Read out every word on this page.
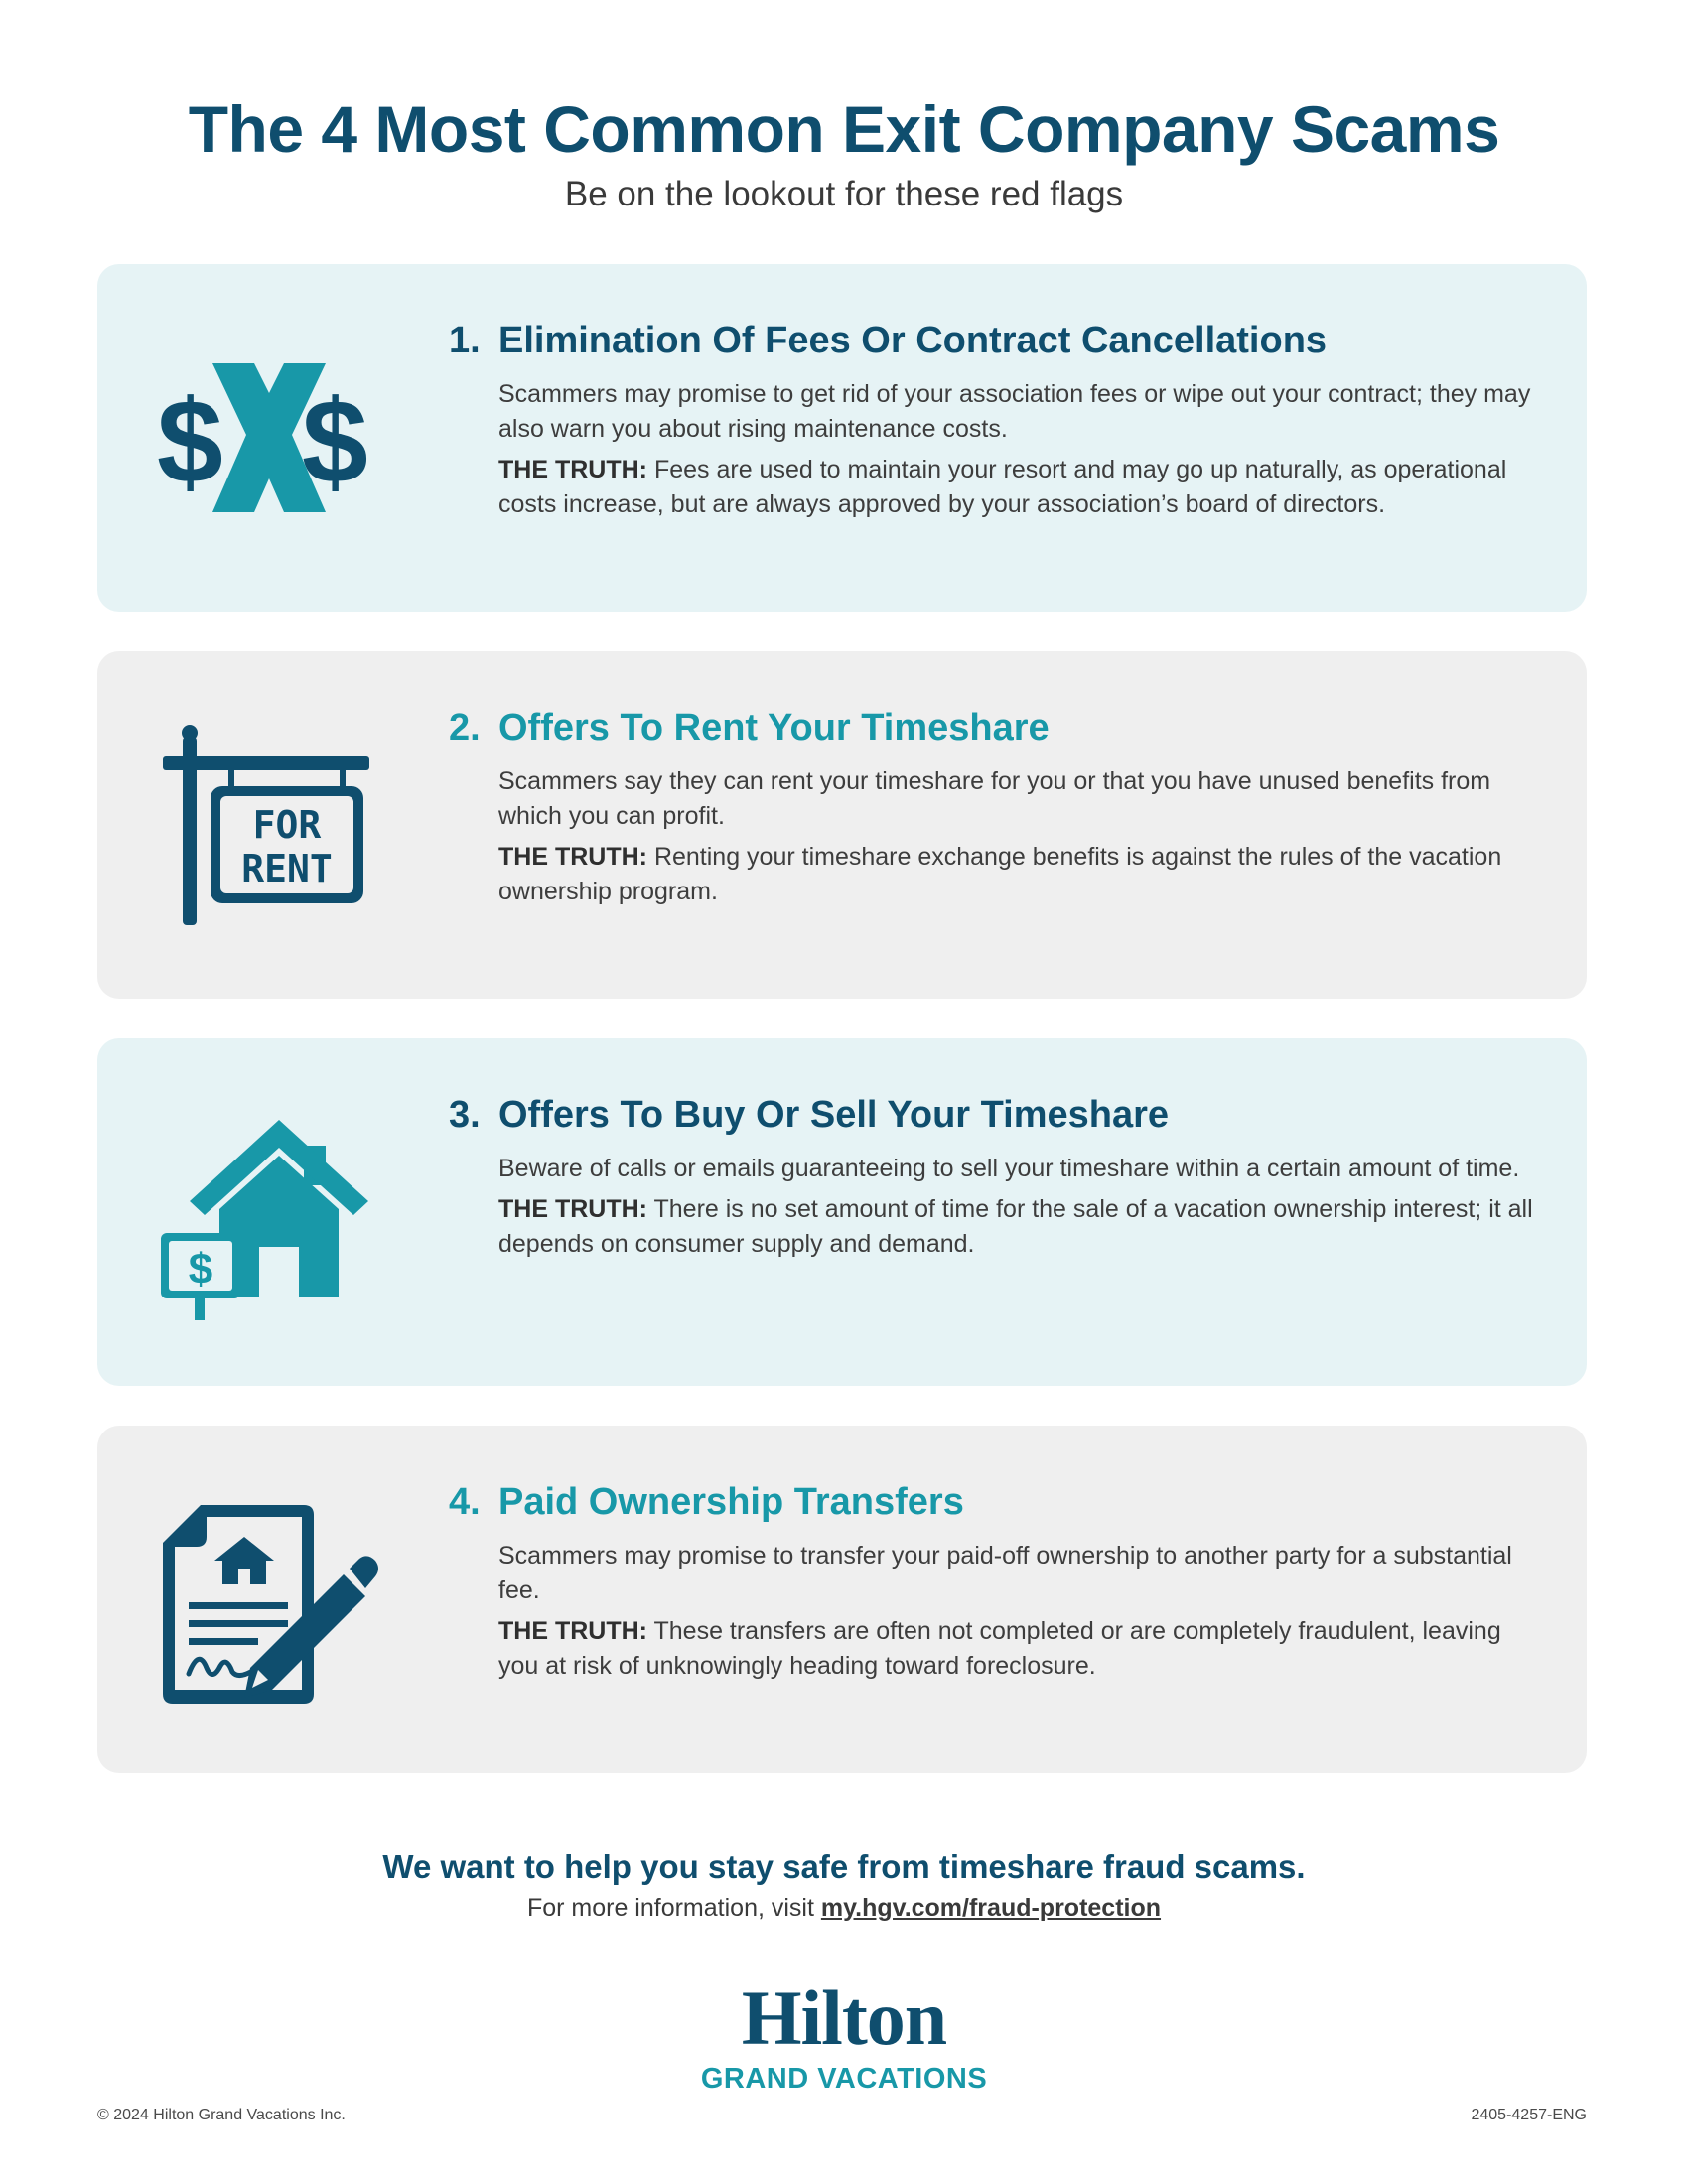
The 4 Most Common Exit Company Scams
Be on the lookout for these red flags
$ $
1. Elimination Of Fees Or Contract Cancellations

Scammers may promise to get rid of your association fees or wipe out your contract; they may also warn you about rising maintenance costs.

THE TRUTH: Fees are used to maintain your resort and may go up naturally, as operational costs increase, but are always approved by your association’s board of directors.

FOR
RENT
2. Offers To Rent Your Timeshare

Scammers say they can rent your timeshare for you or that you have unused benefits from which you can profit.

THE TRUTH: Renting your timeshare exchange benefits is against the rules of the vacation ownership program.

$
3. Offers To Buy Or Sell Your Timeshare

Beware of calls or emails guaranteeing to sell your timeshare within a certain amount of time.

THE TRUTH: There is no set amount of time for the sale of a vacation ownership interest; it all depends on consumer supply and demand.

4. Paid Ownership Transfers

Scammers may promise to transfer your paid-off ownership to another party for a substantial fee.

THE TRUTH: These transfers are often not completed or are completely fraudulent, leaving you at risk of unknowingly heading toward foreclosure.

We want to help you stay safe from timeshare fraud scams.

For more information, visit my.hgv.com/fraud-protection
Hilton
GRAND VACATIONS
© 2024 Hilton Grand Vacations Inc.	2405-4257-ENG
